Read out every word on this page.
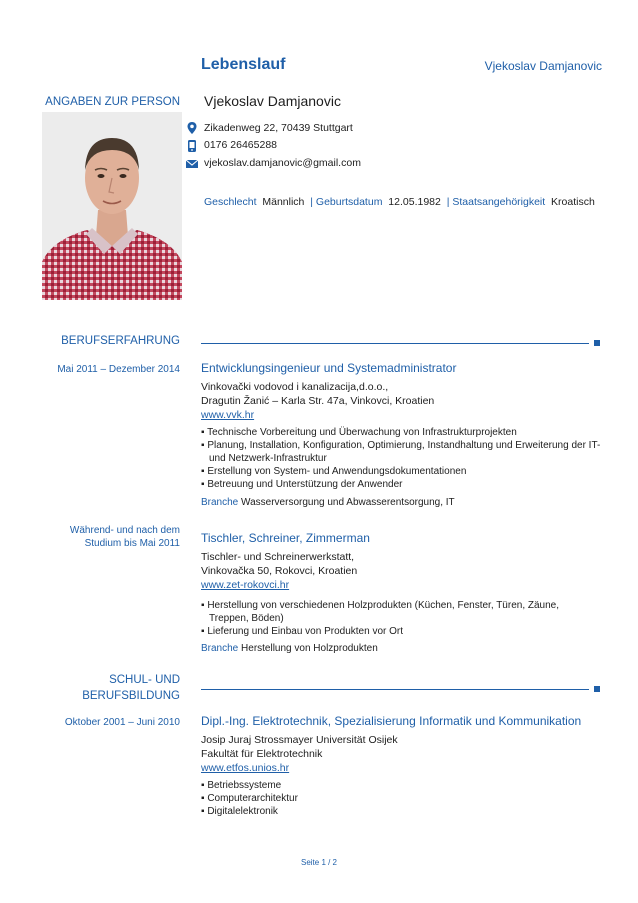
Lebenslauf	Vjekoslav Damjanovic
ANGABEN ZUR PERSON Vjekoslav Damjanovic
Zikadenweg 22, 70439 Stuttgart
0176 26465288
vjekoslav.damjanovic@gmail.com
Geschlecht Männlich | Geburtsdatum 12.05.1982 | Staatsangehörigkeit Kroatisch
BERUFSERFAHRUNG
Mai 2011 – Dezember 2014 Entwicklungsingenieur und Systemadministrator
Vinkovački vodovod i kanalizacija,d.o.o.,
Dragutin Žanić – Karla Str. 47a, Vinkovci, Kroatien
www.vvk.hr
▪ Technische Vorbereitung und Überwachung von Infrastrukturprojekten
▪ Planung, Installation, Konfiguration, Optimierung, Instandhaltung und Erweiterung der IT- und Netzwerk-Infrastruktur
▪ Erstellung von System- und Anwendungsdokumentationen
▪ Betreuung und Unterstützung der Anwender
Branche Wasserversorgung und Abwasserentsorgung, IT
Während- und nach dem
Studium bis Mai 2011 Tischler, Schreiner, Zimmerman
Tischler- und Schreinerwerkstatt,
Vinkovačka 50, Rokovci, Kroatien
www.zet-rokovci.hr
▪ Herstellung von verschiedenen Holzprodukten (Küchen, Fenster, Türen, Zäune, Treppen, Böden)
▪ Lieferung und Einbau von Produkten vor Ort
Branche Herstellung von Holzprodukten
SCHUL- UND
BERUFSBILDUNG
Oktober 2001 – Juni 2010 Dipl.-Ing. Elektrotechnik, Spezialisierung Informatik und Kommunikation
Josip Juraj Strossmayer Universität Osijek
Fakultät für Elektrotechnik
www.etfos.unios.hr
▪ Betriebssysteme
▪ Computerarchitektur
▪ Digitalelektronik
Seite 1 / 2
